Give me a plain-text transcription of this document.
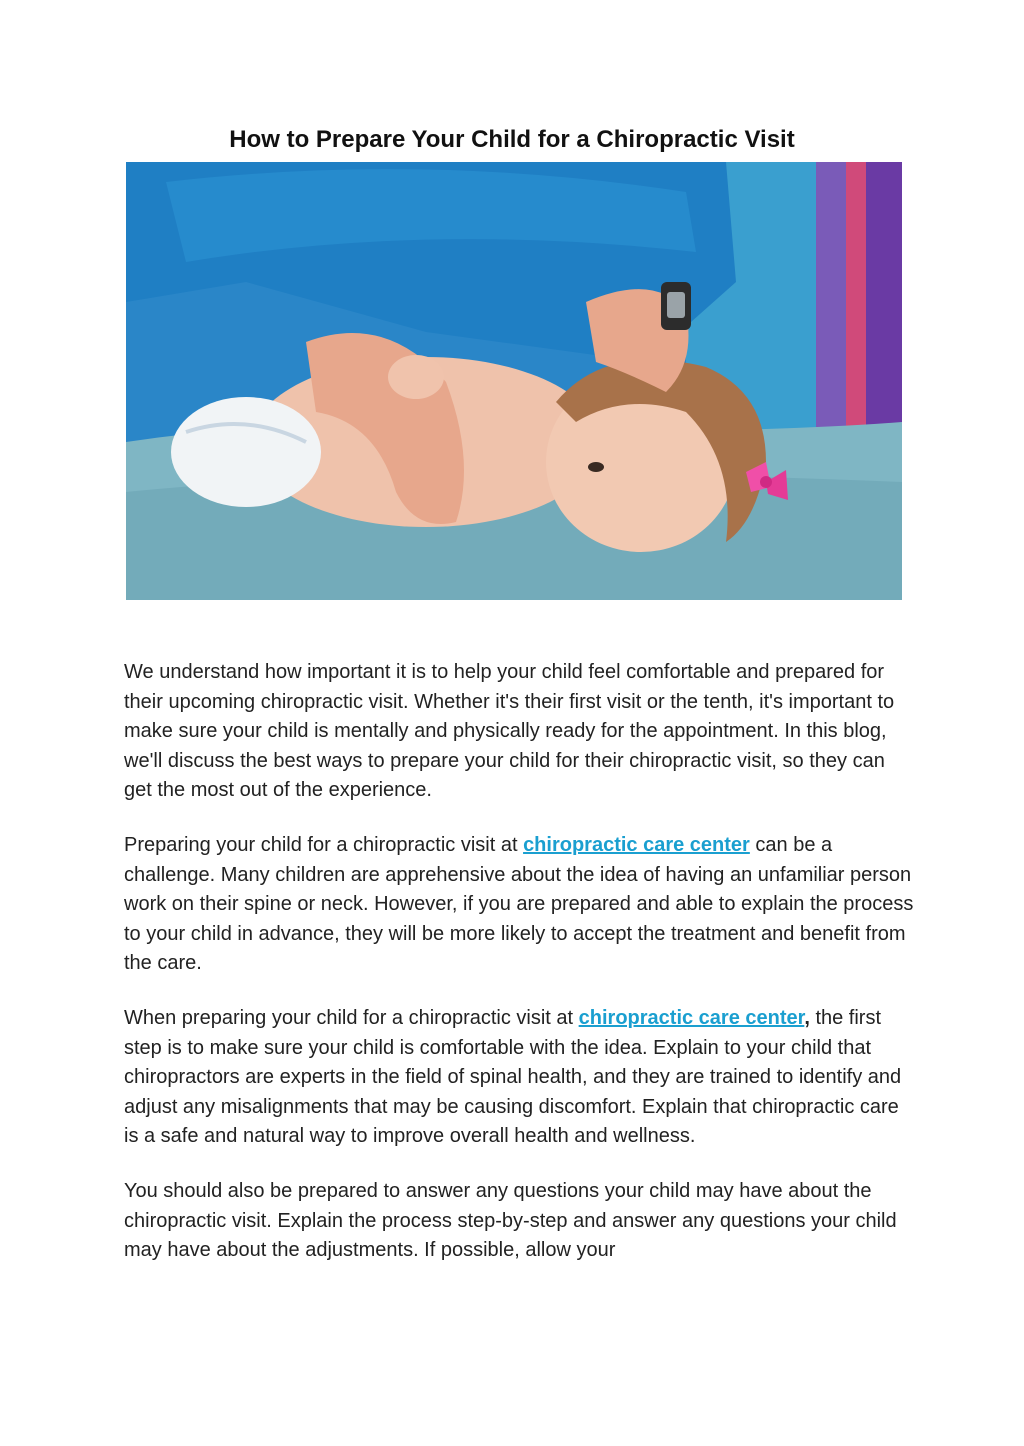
How to Prepare Your Child for a Chiropractic Visit

We understand how important it is to help your child feel comfortable and prepared for their upcoming chiropractic visit. Whether it's their first visit or the tenth, it's important to make sure your child is mentally and physically ready for the appointment. In this blog, we'll discuss the best ways to prepare your child for their chiropractic visit, so they can get the most out of the experience.

Preparing your child for a chiropractic visit at chiropractic care center can be a challenge. Many children are apprehensive about the idea of having an unfamiliar person work on their spine or neck. However, if you are prepared and able to explain the process to your child in advance, they will be more likely to accept the treatment and benefit from the care.

When preparing your child for a chiropractic visit at chiropractic care center, the first step is to make sure your child is comfortable with the idea. Explain to your child that chiropractors are experts in the field of spinal health, and they are trained to identify and adjust any misalignments that may be causing discomfort. Explain that chiropractic care is a safe and natural way to improve overall health and wellness.

You should also be prepared to answer any questions your child may have about the chiropractic visit. Explain the process step-by-step and answer any questions your child may have about the adjustments. If possible, allow your
